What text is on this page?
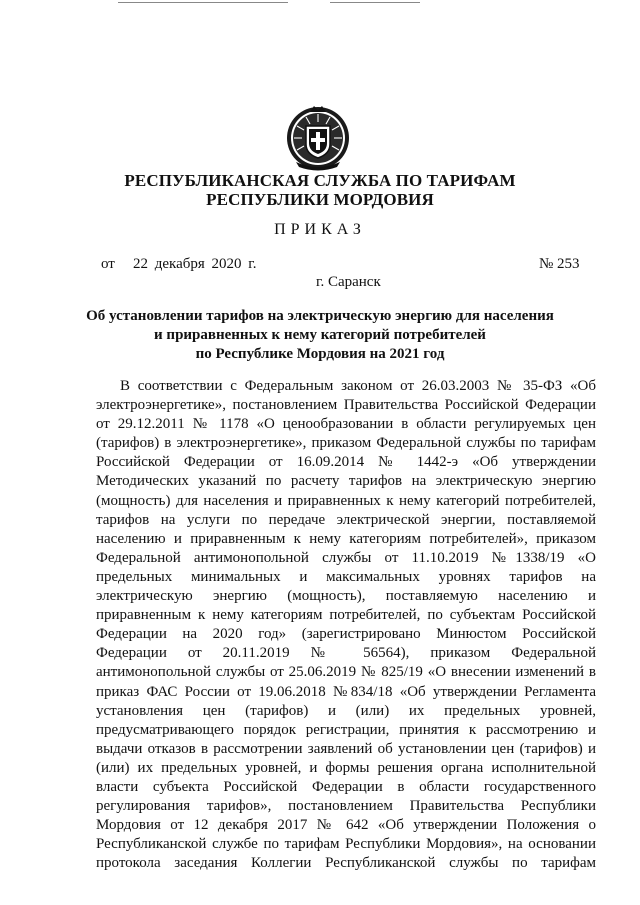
РЕСПУБЛИКАНСКАЯ СЛУЖБА ПО ТАРИФАМ
РЕСПУБЛИКИ МОРДОВИЯ
ПРИКАЗ
от 22 декабря 2020 г.	№ 253
г. Саранск
Об установлении тарифов на электрическую энергию для населения
и приравненных к нему категорий потребителей
по Республике Мордовия на 2021 год
В соответствии с Федеральным законом от 26.03.2003 № 35-ФЗ «Об
электроэнергетике», постановлением Правительства Российской Федерации
от 29.12.2011 № 1178 «О ценообразовании в области регулируемых цен
(тарифов) в электроэнергетике», приказом Федеральной службы по тарифам
Российской Федерации от 16.09.2014 № 1442-э «Об утверждении
Методических указаний по расчету тарифов на электрическую энергию
(мощность) для населения и приравненных к нему категорий потребителей,
тарифов на услуги по передаче электрической энергии, поставляемой
населению и приравненным к нему категориям потребителей», приказом
Федеральной антимонопольной службы от 11.10.2019 №1338/19 «О
предельных минимальных и максимальных уровнях тарифов на
электрическую энергию (мощность), поставляемую населению и
приравненным к нему категориям потребителей, по субъектам Российской
Федерации на 2020 год» (зарегистрировано Минюстом Российской
Федерации от 20.11.2019 № 56564), приказом Федеральной
антимонопольной службы от 25.06.2019 № 825/19 «О внесении изменений в
приказ ФАС России от 19.06.2018 №834/18 «Об утверждении Регламента
установления цен (тарифов) и (или) их предельных уровней,
предусматривающего порядок регистрации, принятия к рассмотрению и
выдачи отказов в рассмотрении заявлений об установлении цен (тарифов) и
(или) их предельных уровней, и формы решения органа исполнительной
власти субъекта Российской Федерации в области государственного
регулирования тарифов», постановлением Правительства Республики
Мордовия от 12 декабря 2017 № 642 «Об утверждении Положения о
Республиканской службе по тарифам Республики Мордовия», на основании
протокола заседания Коллегии Республиканской службы по тарифам
